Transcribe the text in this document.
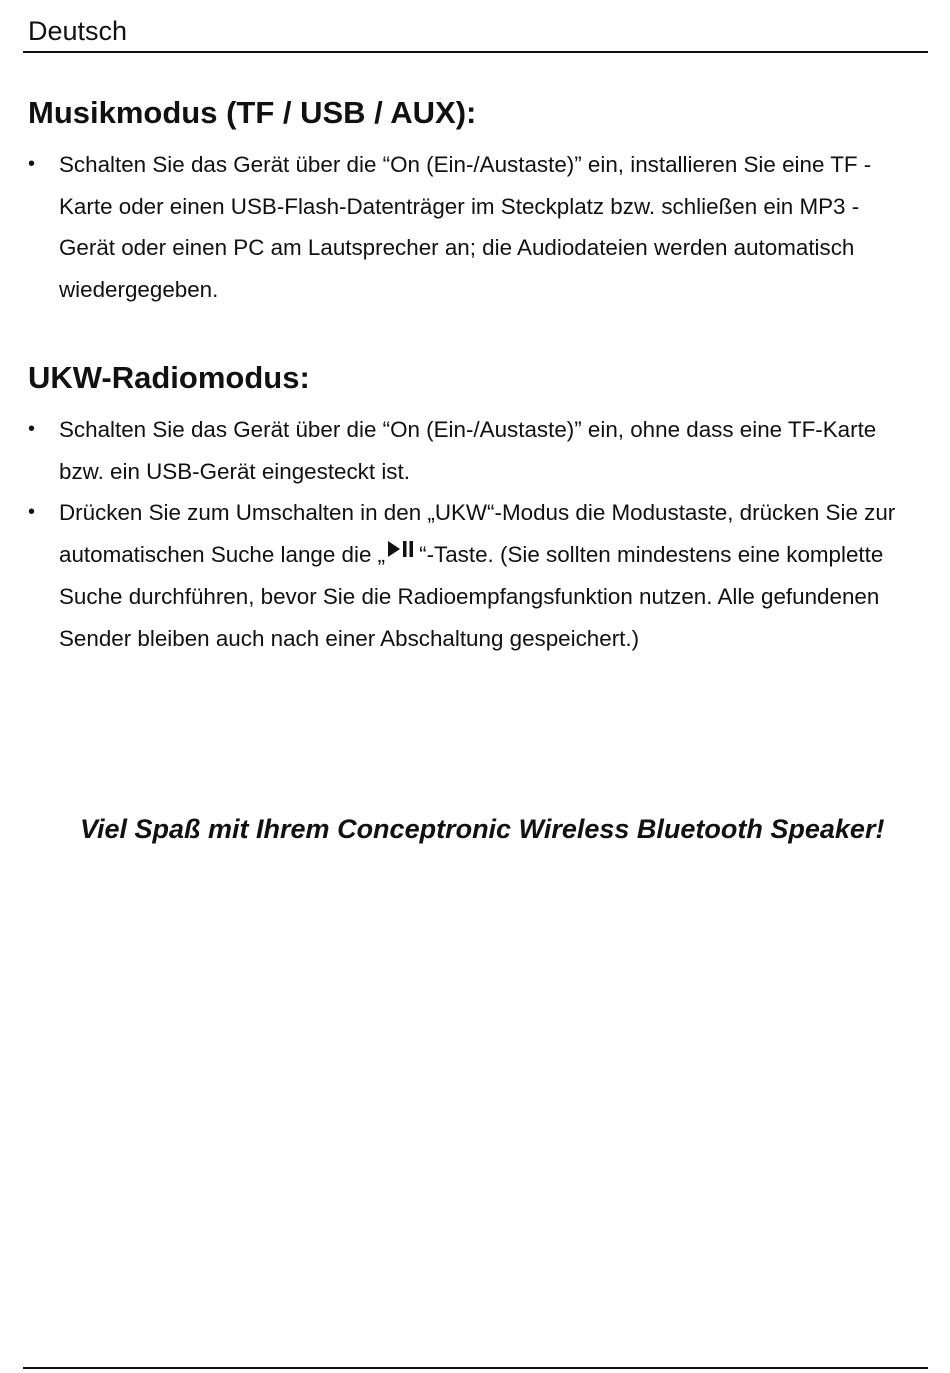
Deutsch
Musikmodus (TF / USB / AUX):
• Schalten Sie das Gerät über die “On (Ein-/Austaste)” ein, installieren Sie eine TF -Karte oder einen USB-Flash-Datenträger im Steckplatz bzw. schließen ein MP3 -Gerät oder einen PC am Lautsprecher an; die Audiodateien werden automatisch wiedergegeben.
UKW-Radiomodus:
• Schalten Sie das Gerät über die “On (Ein-/Austaste)” ein, ohne dass eine TF-Karte bzw. ein USB-Gerät eingesteckt ist.
• Drücken Sie zum Umschalten in den „UKW“-Modus die Modustaste, drücken Sie zur automatischen Suche lange die „ “-Taste. (Sie sollten mindestens eine komplette Suche durchführen, bevor Sie die Radioempfangsfunktion nutzen. Alle gefundenen Sender bleiben auch nach einer Abschaltung gespeichert.)
Viel Spaß mit Ihrem Conceptronic Wireless Bluetooth Speaker!
